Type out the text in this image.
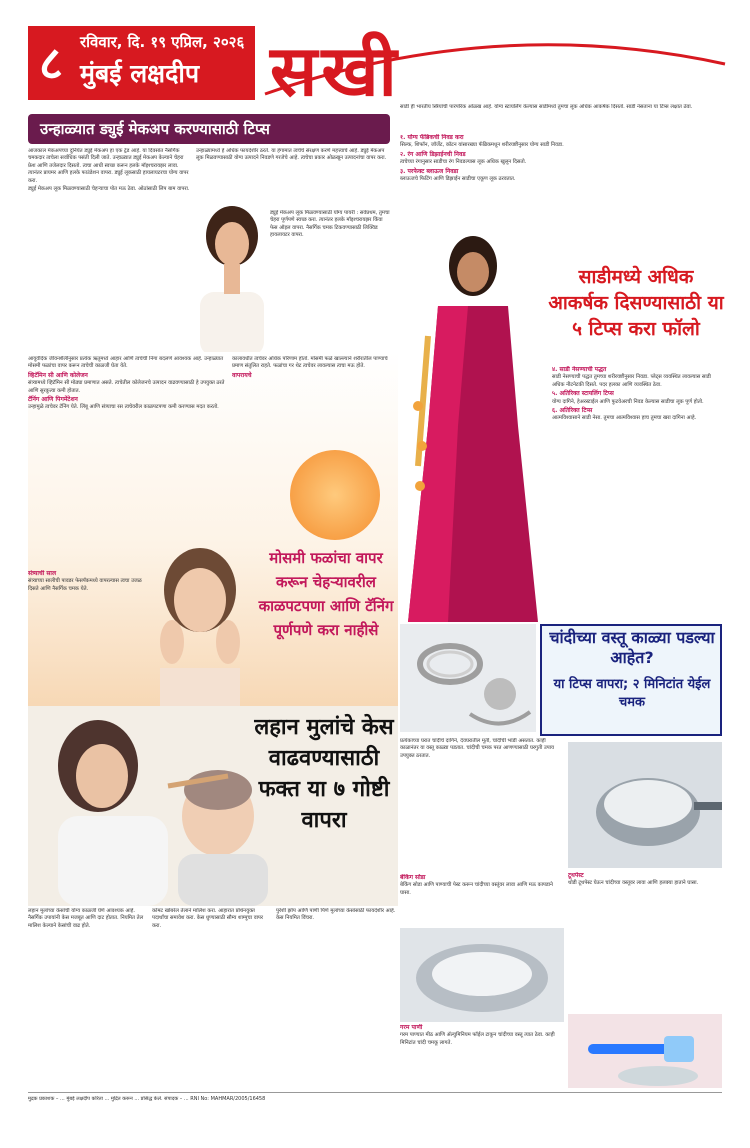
८	रविवार, दि. १९ एप्रिल, २०२६
मुंबई लक्षदीप सखी
उन्हाळ्यात ड्युई मेकअप करण्यासाठी टिप्स

आजकाल मेकअपच्या दुनियेत ड्युई मेकअप हा एक ट्रेंड आहे. या दिवसांत नैसर्गिक चमकदार त्वचेला सर्वाधिक पसंती दिली जाते. उन्हाळ्यात ड्युई मेकअप केल्याने चेहरा फ्रेश आणि तजेलदार दिसतो. त्वचा आधी स्वच्छ करून हलके मॉइश्चरायझर लावा. त्यानंतर प्रायमर आणि हलके फाउंडेशन वापरा. ड्युई लूकसाठी हायलायटरचा योग्य वापर करा.

ड्युई मेकअप लूक मिळवण्यासाठी चेहऱ्याचा पोत मऊ ठेवा. ओठांसाठी लिप बाम वापरा.

उन्हाळ्यामध्ये हे अधिक फायदेशीर ठरते. या हंगामात त्वचेचे संरक्षण करणे महत्त्वाचे आहे. ड्युई मेकअप लूक मिळवण्यासाठी योग्य उत्पादने निवडणे गरजेचे आहे. त्वचेचा प्रकार ओळखून उत्पादनांचा वापर करा.
ड्युई मेकअप लूक मिळवण्यासाठी योग्य पायरी : सर्वप्रथम, तुमचा चेहरा पूर्णपणे स्वच्छ करा. त्यानंतर हलके मॉइश्चरायझर किंवा फेस ऑइल वापरा. नैसर्गिक चमक टिकवण्यासाठी लिक्विड हायलायटर वापरा.

आयुर्वेदिक जीवनशैलीनुसार प्रत्येक ऋतूमध्ये आहार आणि त्वचेची निगा बदलणे आवश्यक आहे. उन्हाळ्यात मोसमी फळांचा वापर करून त्वचेची काळजी घेता येते.

व्हिटॅमिन सी आणि कोलेजन

संत्र्यामध्ये व्हिटॅमिन सी मोठ्या प्रमाणात असते. त्वचेतील कोलेजनचे उत्पादन वाढवण्यासाठी हे उपयुक्त ठरते आणि सुरकुत्या कमी होतात.

टॅनिंग आणि पिगमेंटेशन

उन्हामुळे त्वचेवर टॅनिंग येते. लिंबू आणि संत्र्याचा रस त्वचेवरील काळपटपणा कमी करण्यास मदत करतो.

कालावधीत त्वचेवर अधिक परिणाम होतो. मोसमी फळे खाल्ल्याने शरीरातील पाण्याचे प्रमाण संतुलित राहते. फळांचा गर थेट त्वचेवर लावल्यास त्वचा मऊ होते.

वापरायचे

संत्र्याची साल

संत्र्याच्या सालीची पावडर फेसपॅकमध्ये वापरल्यास त्वचा उजळ दिसते आणि नैसर्गिक चमक येते.

मोसमी फळांचा वापर करून चेहऱ्यावरील काळपटपणा आणि टॅनिंग पूर्णपणे करा नाहीसे
साडी ही भारतीय स्त्रियांची पारंपरिक ओळख आहे. योग्य स्टायलिंग केल्यास साडीमध्ये तुमचा लूक अधिक आकर्षक दिसतो. साडी नेसताना या टिप्स लक्षात ठेवा.

१. योग्य फॅब्रिकची निवड करा

सिल्क, शिफॉन, जॉर्जेट, कॉटन यांसारख्या फॅब्रिकमधून शरीरयष्टीनुसार योग्य साडी निवडा.

२. रंग आणि डिझाईनची निवड

त्वचेच्या रंगानुसार साडीचा रंग निवडल्यास लूक अधिक खुलून दिसतो.

३. परफेक्ट ब्लाऊज निवडा

ब्लाऊजचे फिटिंग आणि डिझाईन साडीचा एकूण लूक ठरवतात.

साडीमध्ये अधिक आकर्षक दिसण्यासाठी या ५ टिप्स करा फॉलो

४. साडी नेसण्याची पद्धत

साडी नेसण्याची पद्धत तुमच्या शरीरयष्टीनुसार निवडा. प्लेट्स व्यवस्थित लावल्यास साडी अधिक नीटनेटकी दिसते. पदर हलका आणि व्यवस्थित ठेवा.

५. अतिरिक्त स्टायलिंग टिप्स

योग्य दागिने, हेअरस्टाईल आणि फुटवेअरची निवड केल्यास साडीचा लूक पूर्ण होतो.

६. अतिरिक्त टिप्स

आत्मविश्वासाने साडी नेसा. तुमचा आत्मविश्वास हाच तुमचा खरा दागिना आहे.

चांदीच्या वस्तू काळ्या पडल्या आहेत?
या टिप्स वापरा; २ मिनिटांत येईल चमक
प्रत्येकाच्या घरात चांदीचे दागिने, देवघरातील मूर्ती, चांदीची भांडी असतात. काही काळानंतर या वस्तू काळ्या पडतात. चांदीची चमक परत आणण्यासाठी घरगुती उपाय उपयुक्त ठरतात.

बेकिंग सोडा

बेकिंग सोडा आणि पाण्याची पेस्ट करून चांदीच्या वस्तूंवर लावा आणि मऊ कापडाने घासा.

टूथपेस्ट

थोडी टूथपेस्ट घेऊन चांदीच्या वस्तूवर लावा आणि हलक्या हाताने घासा.

गरम पाणी

गरम पाण्यात मीठ आणि ॲल्युमिनियम फॉईल टाकून चांदीच्या वस्तू त्यात ठेवा. काही मिनिटांत चांदी चमकू लागते.

लहान मुलांचे केस वाढवण्यासाठी फक्त या ७ गोष्टी वापरा
लहान मुलांच्या केसांची योग्य काळजी घेणे आवश्यक आहे. नैसर्गिक उपायांनी केस मजबूत आणि दाट होतात. नियमित तेल मालिश केल्याने केसांची वाढ होते.
कोमट खोबरेल तेलाने मालिश करा. आहारात प्रथिनयुक्त पदार्थांचा समावेश करा. केस धुण्यासाठी सौम्य शाम्पूचा वापर करा.
पुरेशी झोप आणि पाणी पिणे मुलांच्या केसांसाठी फायदेशीर आहे. केस नियमित विंचरा.
मुद्रक प्रकाशक – ... मुंबई लक्षदीप करिता ... मुद्रित करून ... प्रसिद्ध केले. संपादक – ... RNI No: MAHMAR/2005/16458
